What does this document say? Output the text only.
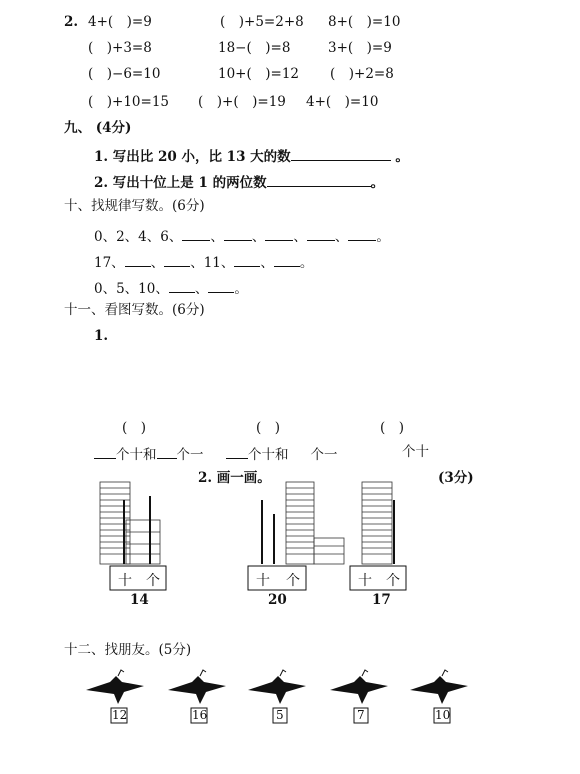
2. 4+(　)=9	(　)+5=2+8 8+(　)=10
(　)+3=8	18−(　)=8	3+(　)=9
(　)−6=10	10+(　)=12 (　)+2=8
(　)+10=15 (　)+(　)=19 4+(　)=10
九、 (4分)
1. 写出比 20 小，比 13 大的数	。
2. 写出十位上是 1 的两位数	。
十、找规律写数。(6分)
0、2、4、6、 、 、 、 、 。
17、 、 、11、 、 。
0、5、10、 、 。
十一、看图写数。(6分)
1.
(　)	(　)	(　)
个十和 个一	个十和 个一	个十
2. 画一画。	(3分)
十 个	十 个	十 个
14	20	17
十二、找朋友。(5分)
12	16	5	7	10
